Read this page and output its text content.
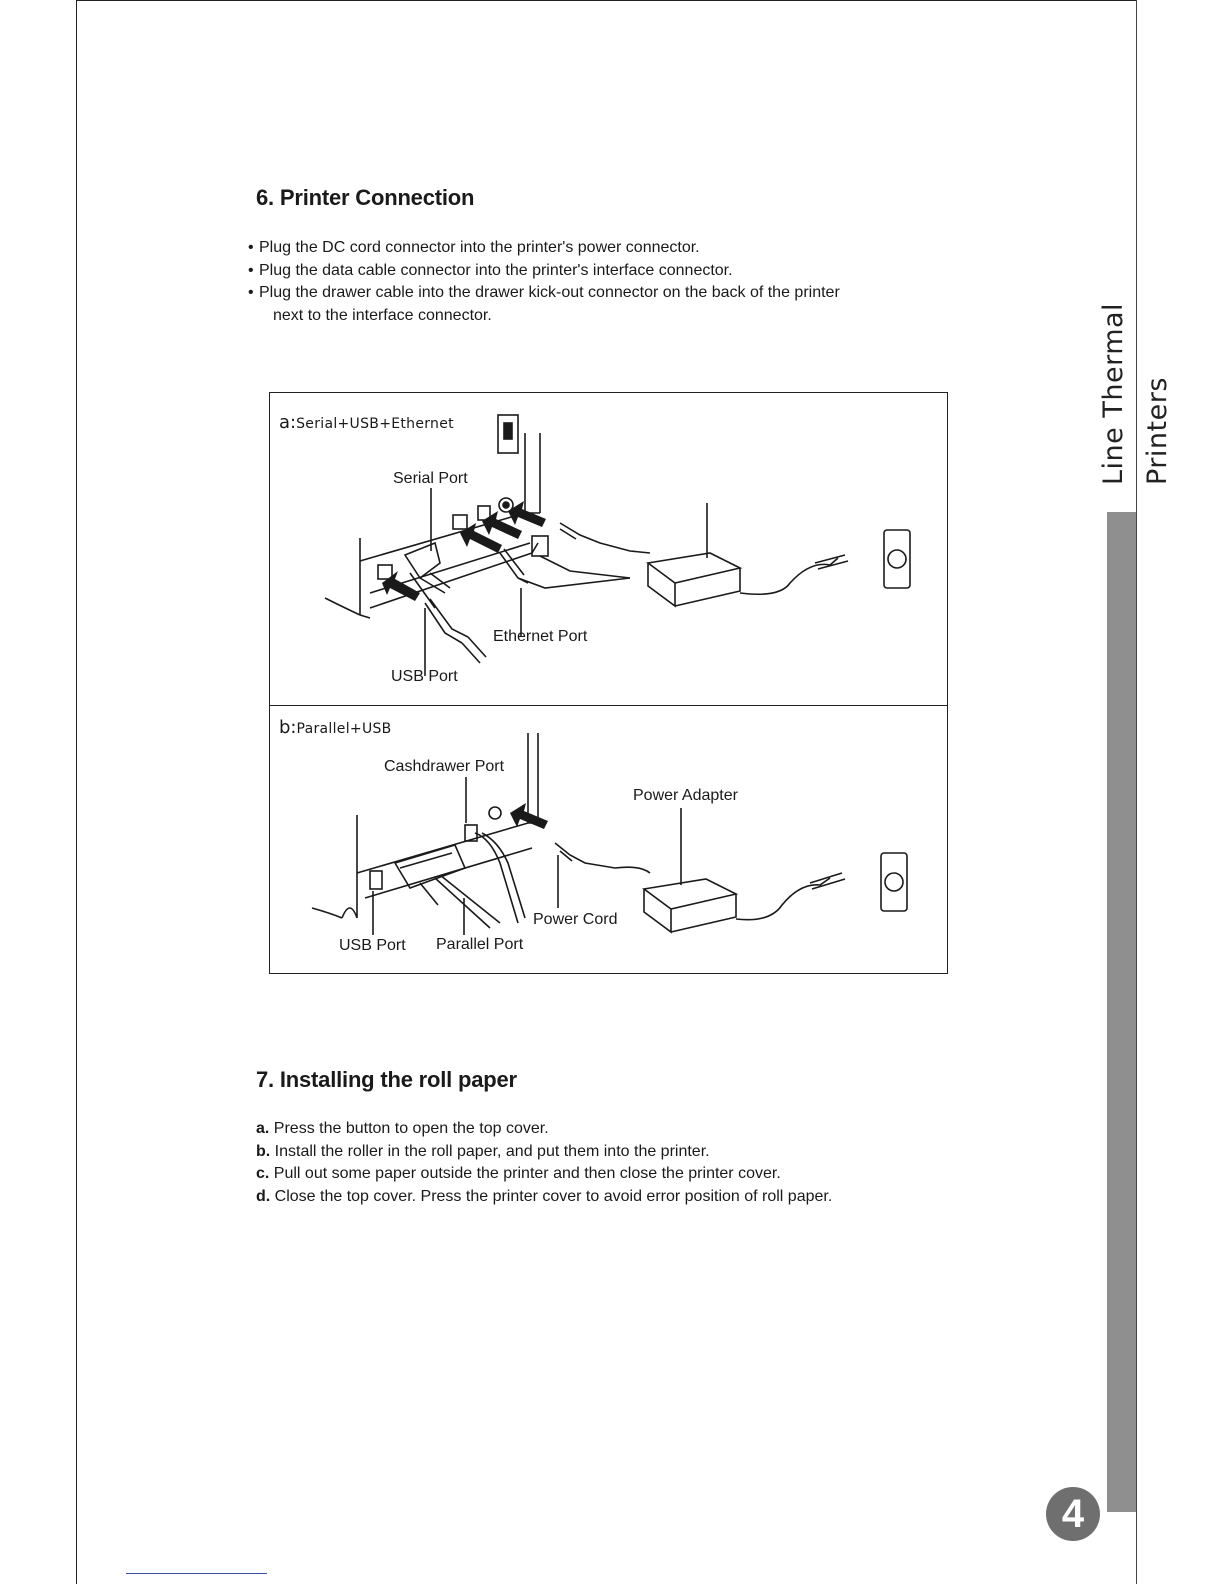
Line Thermal Printers
4
6. Printer Connection
• Plug the DC cord connector into the printer's power connector.
• Plug the data cable connector into the printer's interface connector.
• Plug the drawer cable into the drawer kick-out connector on the back of the printer
next to the interface connector.
a:Serial+USB+Ethernet
b:Parallel+USB
Serial Port
Ethernet Port
USB Port
Cashdrawer Port
Power Adapter
Power Cord
USB Port Parallel Port
7. Installing the roll paper
a. Press the button to open the top cover.
b. Install the roller in the roll paper, and put them into the printer.
c. Pull out some paper outside the printer and then close the printer cover.
d. Close the top cover. Press the printer cover to avoid error position of roll paper.
